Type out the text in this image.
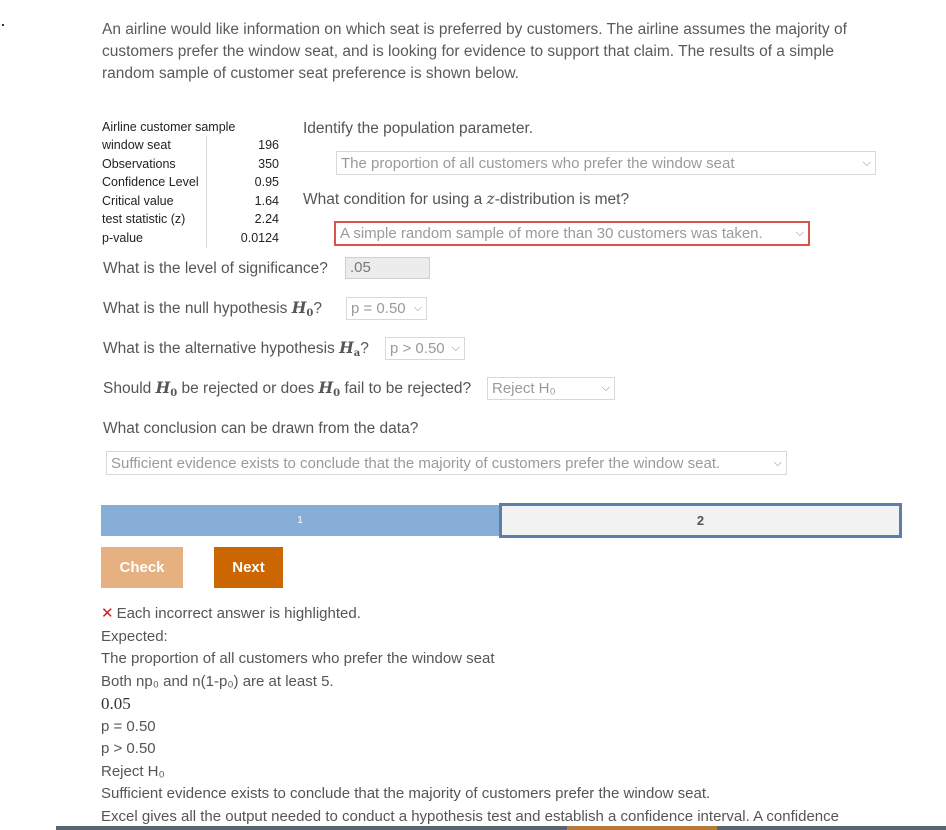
An airline would like information on which seat is preferred by customers. The airline assumes the majority of customers prefer the window seat, and is looking for evidence to support that claim. The results of a simple random sample of customer seat preference is shown below.
Airline customer sample
window seat	196
Observations	350
Confidence Level	0.95
Critical value	1.64
test statistic (z)	2.24
p-value	0.0124
Identify the population parameter.
The proportion of all customers who prefer the window seat	⌵
What condition for using a z-distribution is met?
A simple random sample of more than 30 customers was taken.	⌵
What is the level of significance?	.05
What is the null hypothesis $H_0$? p = 0.50 ⌵
What is the alternative hypothesis $H_a$? p > 0.50 ⌵
Should $H_0$ be rejected or does $H_0$ fail to be rejected? Reject H₀	⌵
What conclusion can be drawn from the data?
Sufficient evidence exists to conclude that the majority of customers prefer the window seat.	⌵
1	2
Check	Next
✕ Each incorrect answer is highlighted.
Expected:
The proportion of all customers who prefer the window seat
Both np₀ and n(1-p₀) are at least 5.
0.05
p = 0.50
p > 0.50
Reject H₀
Sufficient evidence exists to conclude that the majority of customers prefer the window seat.
Excel gives all the output needed to conduct a hypothesis test and establish a confidence interval. A confidence
